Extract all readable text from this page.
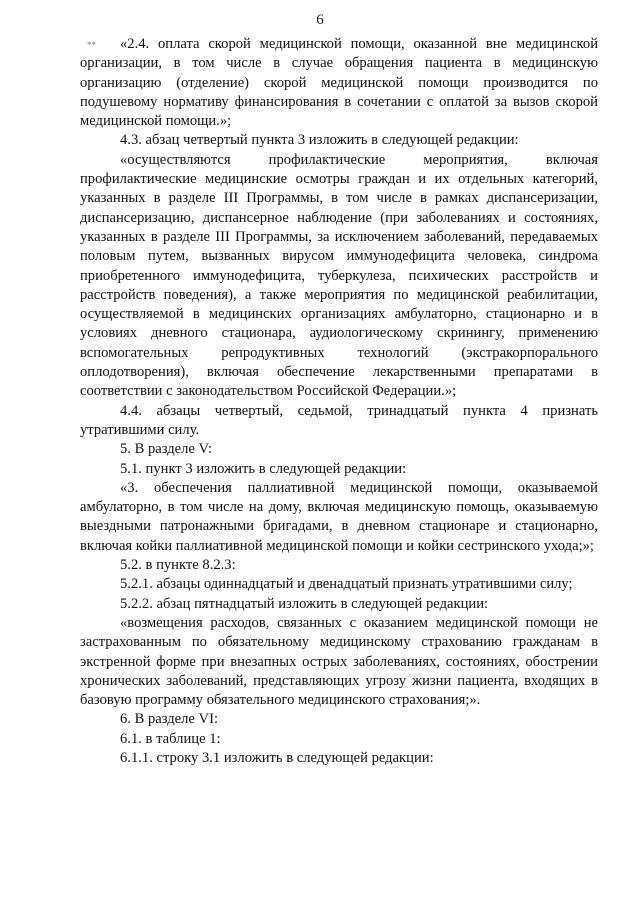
6
**	«2.4. оплата скорой медицинской помощи, оказанной вне медицинской организации, в том числе в случае обращения пациента в медицинскую организацию (отделение) скорой медицинской помощи производится по подушевому нормативу финансирования в сочетании с оплатой за вызов скорой медицинской помощи.»;

4.3. абзац четвертый пункта 3 изложить в следующей редакции:

«осуществляются профилактические мероприятия, включая профилактические медицинские осмотры граждан и их отдельных категорий, указанных в разделе III Программы, в том числе в рамках диспансеризации, диспансеризацию, диспансерное наблюдение (при заболеваниях и состояниях, указанных в разделе III Программы, за исключением заболеваний, передаваемых половым путем, вызванных вирусом иммунодефицита человека, синдрома приобретенного иммунодефицита, туберкулеза, психических расстройств и расстройств поведения), а также мероприятия по медицинской реабилитации, осуществляемой в медицинских организациях амбулаторно, стационарно и в условиях дневного стационара, аудиологическому скринингу, применению вспомогательных репродуктивных технологий (экстракорпорального оплодотворения), включая обеспечение лекарственными препаратами в соответствии с законодательством Российской Федерации.»;

4.4. абзацы четвертый, седьмой, тринадцатый пункта 4 признать утратившими силу.

5. В разделе V:

5.1. пункт 3 изложить в следующей редакции:

«3. обеспечения паллиативной медицинской помощи, оказываемой амбулаторно, в том числе на дому, включая медицинскую помощь, оказываемую выездными патронажными бригадами, в дневном стационаре и стационарно, включая койки паллиативной медицинской помощи и койки сестринского ухода;»;

5.2. в пункте 8.2.3:

5.2.1. абзацы одиннадцатый и двенадцатый признать утратившими силу;

5.2.2. абзац пятнадцатый изложить в следующей редакции:

«возмещения расходов, связанных с оказанием медицинской помощи не застрахованным по обязательному медицинскому страхованию гражданам в экстренной форме при внезапных острых заболеваниях, состояниях, обострении хронических заболеваний, представляющих угрозу жизни пациента, входящих в базовую программу обязательного медицинского страхования;».

6. В разделе VI:

6.1. в таблице 1:

6.1.1. строку 3.1 изложить в следующей редакции:
